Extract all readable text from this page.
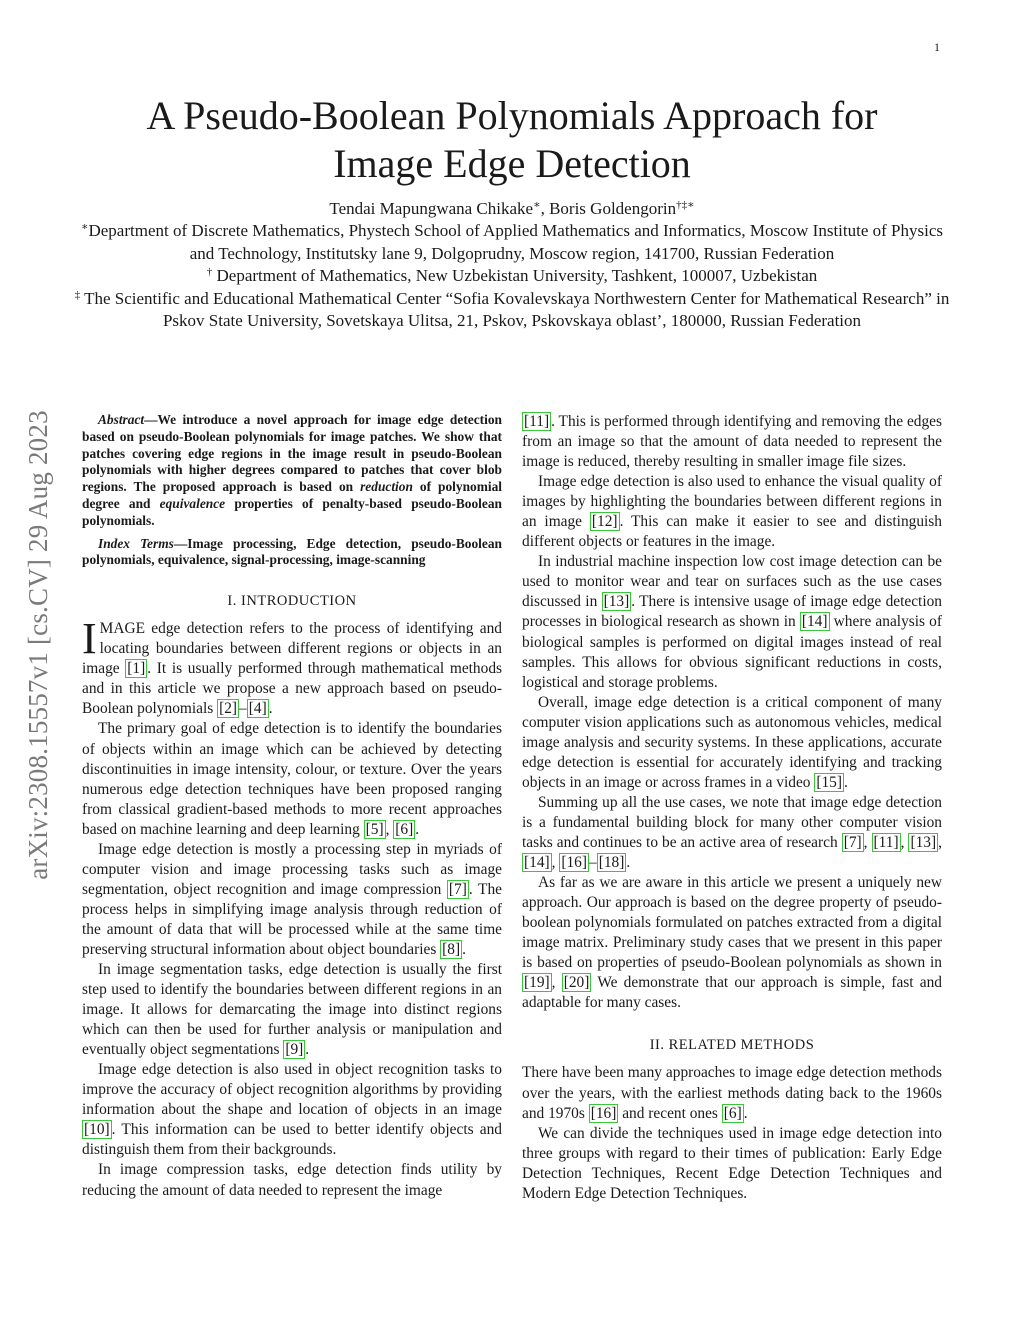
1
arXiv:2308.15557v1 [cs.CV] 29 Aug 2023
A Pseudo-Boolean Polynomials Approach for
Image Edge Detection
Tendai Mapungwana Chikake∗, Boris Goldengorin†‡∗
∗Department of Discrete Mathematics, Phystech School of Applied Mathematics and Informatics, Moscow Institute of Physics and Technology, Institutsky lane 9, Dolgoprudny, Moscow region, 141700, Russian Federation
† Department of Mathematics, New Uzbekistan University, Tashkent, 100007, Uzbekistan
‡ The Scientific and Educational Mathematical Center “Sofia Kovalevskaya Northwestern Center for Mathematical Research” in Pskov State University, Sovetskaya Ulitsa, 21, Pskov, Pskovskaya oblast’, 180000, Russian Federation

Abstract—We introduce a novel approach for image edge detection based on pseudo-Boolean polynomials for image patches. We show that patches covering edge regions in the image result in pseudo-Boolean polynomials with higher degrees compared to patches that cover blob regions. The proposed approach is based on reduction of polynomial degree and equivalence properties of penalty-based pseudo-Boolean polynomials.

Index Terms—Image processing, Edge detection, pseudo-Boolean polynomials, equivalence, signal-processing, image-scanning

I. INTRODUCTION

IMAGE edge detection refers to the process of identifying and locating boundaries between different regions or objects in an image [1] . It is usually performed through mathematical methods and in this article we propose a new approach based on pseudo-Boolean polynomials [2] – [4] .

The primary goal of edge detection is to identify the boundaries of objects within an image which can be achieved by detecting discontinuities in image intensity, colour, or texture. Over the years numerous edge detection techniques have been proposed ranging from classical gradient-based methods to more recent approaches based on machine learning and deep learning [5] , [6] .

Image edge detection is mostly a processing step in myriads of computer vision and image processing tasks such as image segmentation, object recognition and image compression [7] . The process helps in simplifying image analysis through reduction of the amount of data that will be processed while at the same time preserving structural information about object boundaries [8] .

In image segmentation tasks, edge detection is usually the first step used to identify the boundaries between different regions in an image. It allows for demarcating the image into distinct regions which can then be used for further analysis or manipulation and eventually object segmentations [9] .

Image edge detection is also used in object recognition tasks to improve the accuracy of object recognition algorithms by providing information about the shape and location of objects in an image [10] . This information can be used to better identify objects and distinguish them from their backgrounds.

In image compression tasks, edge detection finds utility by reducing the amount of data needed to represent the image

[11] . This is performed through identifying and removing the edges from an image so that the amount of data needed to represent the image is reduced, thereby resulting in smaller image file sizes.

Image edge detection is also used to enhance the visual quality of images by highlighting the boundaries between different regions in an image [12] . This can make it easier to see and distinguish different objects or features in the image.

In industrial machine inspection low cost image detection can be used to monitor wear and tear on surfaces such as the use cases discussed in [13] . There is intensive usage of image edge detection processes in biological research as shown in [14] where analysis of biological samples is performed on digital images instead of real samples. This allows for obvious significant reductions in costs, logistical and storage problems.

Overall, image edge detection is a critical component of many computer vision applications such as autonomous vehicles, medical image analysis and security systems. In these applications, accurate edge detection is essential for accurately identifying and tracking objects in an image or across frames in a video [15] .

Summing up all the use cases, we note that image edge detection is a fundamental building block for many other computer vision tasks and continues to be an active area of research [7] , [11] , [13] , [14] , [16] – [18] .

As far as we are aware in this article we present a uniquely new approach. Our approach is based on the degree property of pseudo-boolean polynomials formulated on patches extracted from a digital image matrix. Preliminary study cases that we present in this paper is based on properties of pseudo-Boolean polynomials as shown in [19] , [20] We demonstrate that our approach is simple, fast and adaptable for many cases.

II. RELATED METHODS

There have been many approaches to image edge detection methods over the years, with the earliest methods dating back to the 1960s and 1970s [16] and recent ones [6] .

We can divide the techniques used in image edge detection into three groups with regard to their times of publication: Early Edge Detection Techniques, Recent Edge Detection Techniques and Modern Edge Detection Techniques.
